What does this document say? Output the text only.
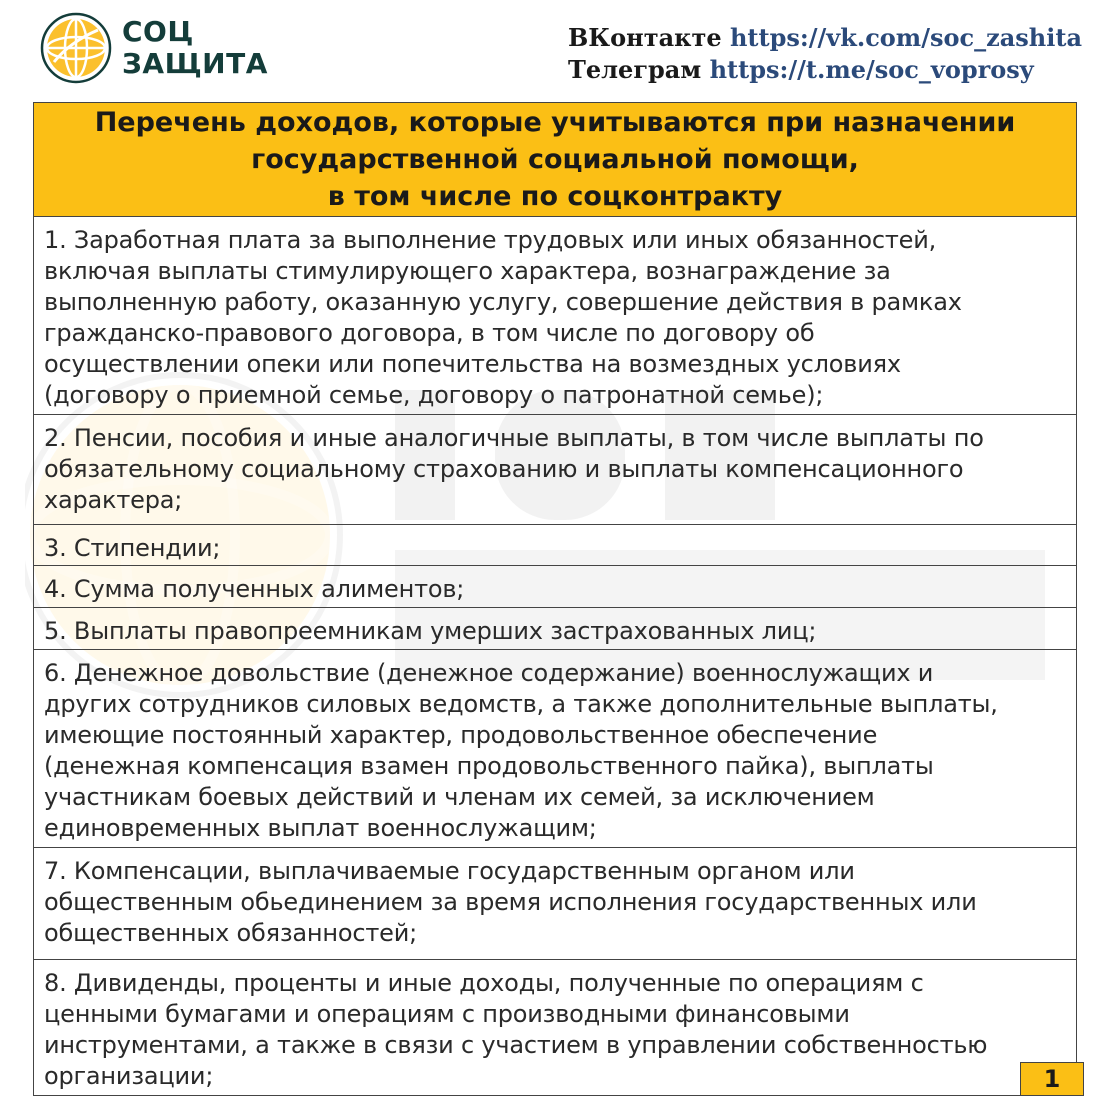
СОЦ
ЗАЩИТА
ВКонтакте https://vk.com/soc_zashita
Телеграм https://t.me/soc_voprosy
Перечень доходов, которые учитываются при назначении
государственной социальной помощи,
в том числе по соцконтракту
1. Заработная плата за выполнение трудовых или иных обязанностей,
включая выплаты стимулирующего характера, вознаграждение за
выполненную работу, оказанную услугу, совершение действия в рамках
гражданско-правового договора, в том числе по договору об
осуществлении опеки или попечительства на возмездных условиях
(договору о приемной семье, договору о патронатной семье);
2. Пенсии, пособия и иные аналогичные выплаты, в том числе выплаты по
обязательному социальному страхованию и выплаты компенсационного
характера;
3. Стипендии;
4. Сумма полученных алиментов;
5. Выплаты правопреемникам умерших застрахованных лиц;
6. Денежное довольствие (денежное содержание) военнослужащих и
других сотрудников силовых ведомств, а также дополнительные выплаты,
имеющие постоянный характер, продовольственное обеспечение
(денежная компенсация взамен продовольственного пайка), выплаты
участникам боевых действий и членам их семей, за исключением
единовременных выплат военнослужащим;
7. Компенсации, выплачиваемые государственным органом или
общественным обьединением за время исполнения государственных или
общественных обязанностей;
8. Дивиденды, проценты и иные доходы, полученные по операциям с
ценными бумагами и операциям с производными финансовыми
инструментами, а также в связи с участием в управлении собственностью
организации;	1
